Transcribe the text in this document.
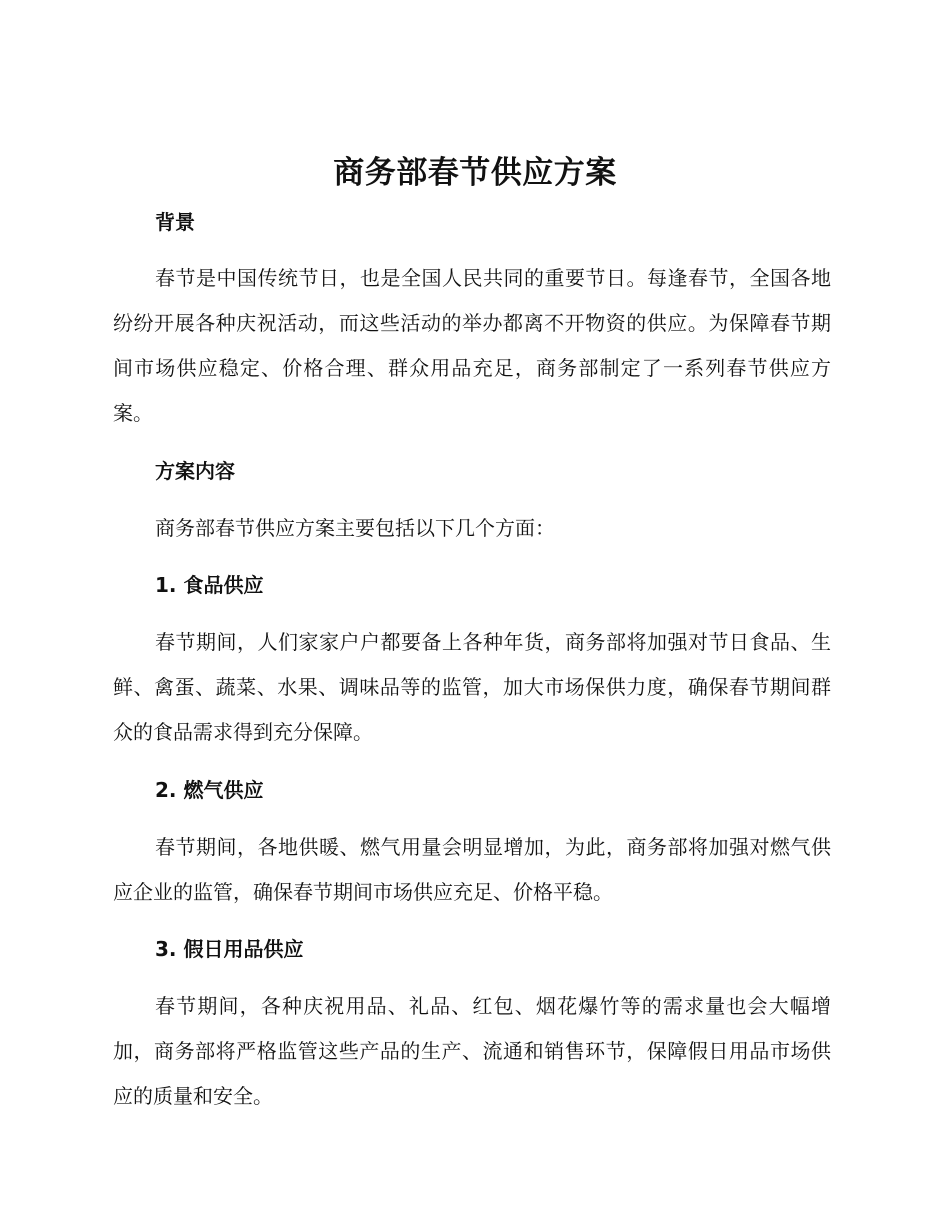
商务部春节供应方案
背景
春节是中国传统节日，也是全国人民共同的重要节日。每逢春节，全国各地纷纷开展各种庆祝活动，而这些活动的举办都离不开物资的供应。为保障春节期间市场供应稳定、价格合理、群众用品充足，商务部制定了一系列春节供应方案。
方案内容
商务部春节供应方案主要包括以下几个方面：
1. 食品供应
春节期间，人们家家户户都要备上各种年货，商务部将加强对节日食品、生鲜、禽蛋、蔬菜、水果、调味品等的监管，加大市场保供力度，确保春节期间群众的食品需求得到充分保障。
2. 燃气供应
春节期间，各地供暖、燃气用量会明显增加，为此，商务部将加强对燃气供应企业的监管，确保春节期间市场供应充足、价格平稳。
3. 假日用品供应
春节期间，各种庆祝用品、礼品、红包、烟花爆竹等的需求量也会大幅增加，商务部将严格监管这些产品的生产、流通和销售环节，保障假日用品市场供应的质量和安全。
